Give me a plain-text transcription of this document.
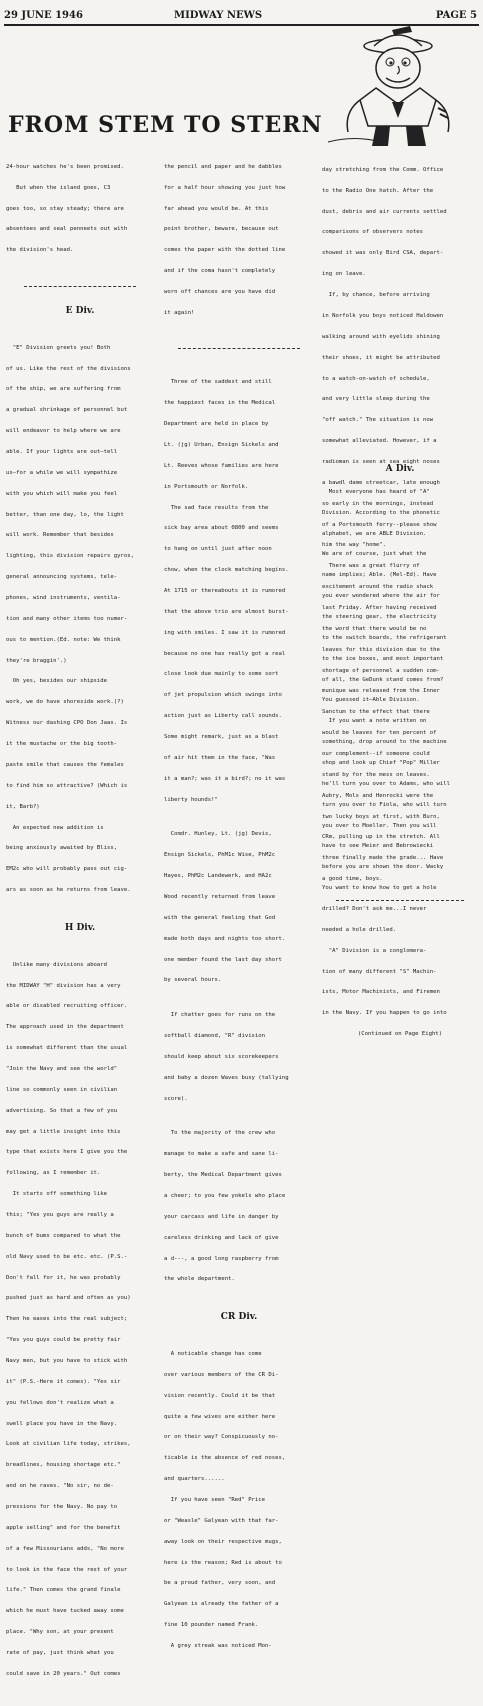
29 JUNE 1946	MIDWAY NEWS	PAGE 5
FROM STEM TO STERN

24-hour watches he's been promised.

But when the island goes, C3

goes too, so stay steady; there are

absentees and seal penneets out with

the division's head.

E Div.

"E" Division greets you! Both

of us. Like the rest of the divisions

of the ship, we are suffering from

a gradual shrinkage of personnel but

will endeavor to help where we are

able. If your lights are out—tell

us—for a while we will sympathize

with you which will make you feel

better, than one day, lo, the light

will work. Remember that besides

lighting, this division repairs gyros,

general announcing systems, tele-

phones, wind instruments, ventila-

tion and many other items too numer-

ous to mention.(Ed. note: We think

they're braggin'.)

Oh yes, besides our shipside

work, we do have shoreside work.(?)

Witness our dashing CPO Don Jaas. Is

it the mustache or the big tooth-

paste smile that causes the females

to find him so attractive? (Which is

it, Barb?)

An expected new addition is

being anxiously awaited by Bliss,

EM2c who will probably pass out cig-

ars as soon as he returns from leave.

H Div.

Unlike many divisions aboard

the MIDWAY "H" division has a very

able or disabled recruiting officer.

The approach used in the department

is somewhat different than the usual

"Join the Navy and see the world"

line so commonly seen in civilian

advertising. So that a few of you

may get a little insight into this

type that exists here I give you the

following, as I remember it.

It starts off something like

this; "Yes you guys are really a

bunch of bums compared to what the

old Navy used to be etc. etc. (P.S.-

Don't fall for it, he was probably

pushed just as hard and often as you)

Then he eases into the real subject;

"Yes you guys could be pretty fair

Navy men, but you have to stick with

it" (P.S.-Here it comes). "Yes sir

you fellows don't realize what a

swell place you have in the Navy.

Look at civilian life today, strikes,

breadlines, housing shortage etc."

and on he raves. "No sir, no de-

pressions for the Navy. No pay to

apple selling" and for the benefit

of a few Missourians adds, "No more

to look in the face the rest of your

life." Then comes the grand finale

which he must have tucked away some

place. "Why son, at your present

rate of pay, just think what you

could save in 20 years." Out comes

the pencil and paper and he dabbles

for a half hour showing you just how

far ahead you would be. At this

point brother, beware, because out

comes the paper with the dotted line

and if the coma hasn't completely

worn off chances are you have did

it again!

Three of the saddest and still

the happiest faces in the Medical

Department are held in place by

Lt. (jg) Urban, Ensign Sickels and

Lt. Reeves whose families are here

in Portsmouth or Norfolk.

The sad face results from the

sick bay area about 0800 and seems

to hang on until just after noon

chow, when the clock matching begins.

At 1715 or thereabouts it is rumored

that the above trio are almost burst-

ing with smiles. I saw it is rumored

because no one has really got a real

close look due mainly to some sort

of jet propulsion which swings into

action just as Liberty call sounds.

Some might remark, just as a blast

of air hit them in the face, "Was

it a man?; was it a bird?; no it was

liberty hounds!"

Comdr. Hunley, Lt. (jg) Devis,

Ensign Sickels, PhM1c Wise, PhM2c

Hayes, PhM2c Landewerk, and HA2c

Wood recently returned from leave

with the general feeling that God

made both days and nights too short.

one member found the last day short

by several hours.

If chatter goes for runs on the

softball diamond, "R" division

should keep about six scorekeepers

and baby a dozen Waves busy (tallying

score).

To the majority of the crew who

manage to make a safe and sane li-

berty, the Medical Department gives

a cheer; to you few yokels who place

your carcass and life in danger by

careless drinking and lack of give

a d---, a good long raspberry from

the whole department.

CR Div.

A noticable change has come

over various members of the CR Di-

vision recently. Could it be that

quite a few wives are either here

or on their way? Conspicuously no-

ticable is the absence of red noses,

and quarters......

If you have seen "Red" Price

or "Weasle" Galyean with that far-

away look on their respective mugs,

here is the reason; Red is about to

be a proud father, very soon, and

Galyean is already the father of a

fine 10 pounder named Frank.

A grey streak was noticed Mon-

day stretching from the Comm. Office

to the Radio One hatch. After the

dust, debris and air currents settled

comparisons of observers notes

showed it was only Bird CSA, depart-

ing on leave.

If, by chance, before arriving

in Norfolk you boys noticed Haldowen

walking around with eyelids shining

their shoes, it might be attributed

to a watch-on-watch of schedule,

and very little sleep during the

"off watch." The situation is now

somewhat alleviated. However, if a

radioman is seen at sea eight noses

a bawdl dame streetcar, late enough

so early in the mornings, instead

of a Portsmouth ferry--please show

him the way "home".

There was a great flurry of

excitement around the radio shack

last Friday. After having received

the word that there would be no

leaves for this division due to the

shortage of personnel a sudden com-

munique was released from the Inner

Sanctum to the effect that there

would be leaves for ten percent of

our complement--if someone could

stand by for the mess on leaves.

Aubry, Mols and Henrocki were the

two lucky boys at first, with Burn,

CRm, pulling up in the stretch. All

three finally made the grade... Have

a good time, boys.

A Div.

Most everyone has heard of "A"

Division. According to the phonetic

alphabet, we are ABLE Division.

We are of course, just what the

name implies; Able. (Mel-Ed). Have

you ever wondered where the air for

the steering gear, the electricity

to the switch boards, the refrigerant

to the ice boxes, and most important

of all, the GeDunk stand comes from?

You guessed it—Able Division.

If you want a note written on

something, drop around to the machine

shop and look up Chief "Pop" Miller

he'll turn you over to Adams, who will

turn you over to Fiola, who will turn

you over to Moeller. Then you will

have to see Meier and Bebrowiecki

before you are shown the door. Wacky

You want to know how to get a hole

drilled? Don't ask me...I never

needed a hole drilled.

"A" Division is a conglomera-

tion of many different "S" Machin-

ists, Motor Machinists, and Firemen

in the Navy. If you happen to go into

(Continued on Page Eight)
